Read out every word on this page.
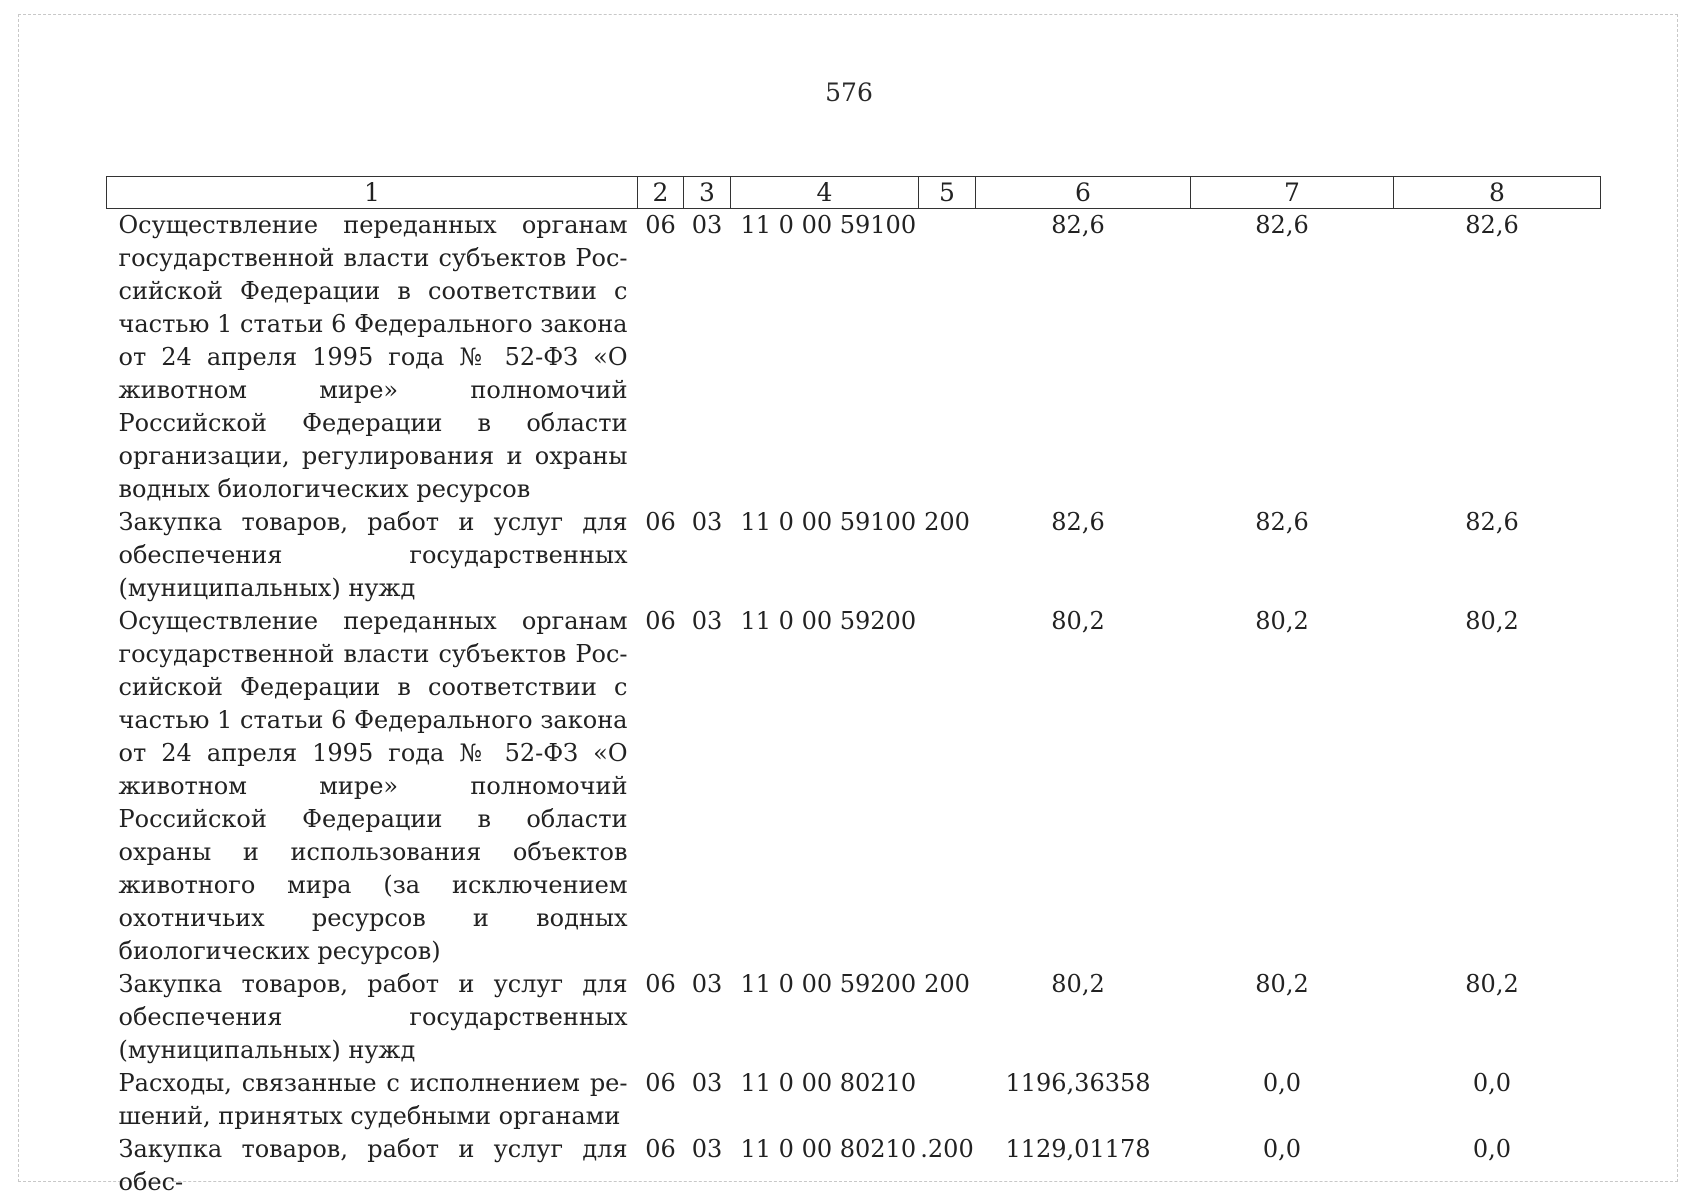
576
1	2	3	4	5	6	7	8
Осуществление переданных органам государственной власти субъектов Российской Федерации в соответствии с частью 1 статьи 6 Федерального закона от 24 апреля 1995 года № 52-ФЗ «О животном мире» полномочий Российской Федерации в области организации, регулирования и охраны водных биологических ресурсов	06	03	11 0 00 59100		82,6	82,6	82,6
Закупка товаров, работ и услуг для обеспечения государственных (муниципальных) нужд	06	03	11 0 00 59100	200	82,6	82,6	82,6
Осуществление переданных органам государственной власти субъектов Российской Федерации в соответствии с частью 1 статьи 6 Федерального закона от 24 апреля 1995 года № 52-ФЗ «О животном мире» полномочий Российской Федерации в области охраны и использования объектов животного мира (за исключением охотничьих ресурсов и водных биологических ресурсов)	06	03	11 0 00 59200		80,2	80,2	80,2
Закупка товаров, работ и услуг для обеспечения государственных (муниципальных) нужд	06	03	11 0 00 59200	200	80,2	80,2	80,2
Расходы, связанные с исполнением решений, принятых судебными органами	06	03	11 0 00 80210		1196,36358	0,0	0,0
Закупка товаров, работ и услуг для обес-	06	03	11 0 00 80210	.200	1129,01178	0,0	0,0
